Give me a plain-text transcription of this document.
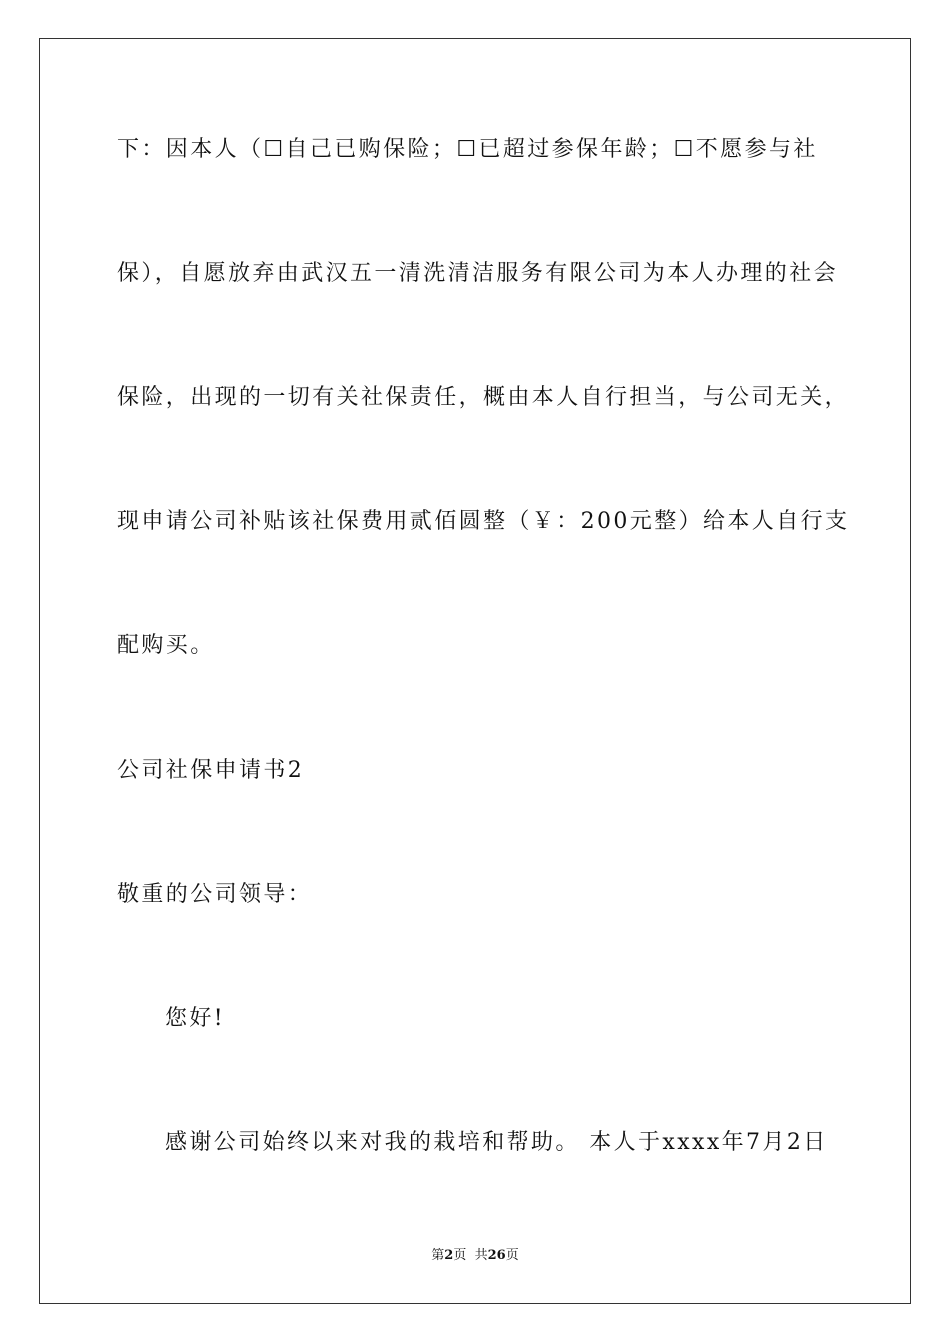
下：因本人（☐自己已购保险；☐已超过参保年龄；☐不愿参与社
保），自愿放弃由武汉五一清洗清洁服务有限公司为本人办理的社会
保险，出现的一切有关社保责任，概由本人自行担当，与公司无关，
现申请公司补贴该社保费用贰佰圆整（￥：200元整）给本人自行支
配购买。
公司社保申请书2
敬重的公司领导：
您好!
感谢公司始终以来对我的栽培和帮助。 本人于xxxx年7月2日
第2页  共26页
